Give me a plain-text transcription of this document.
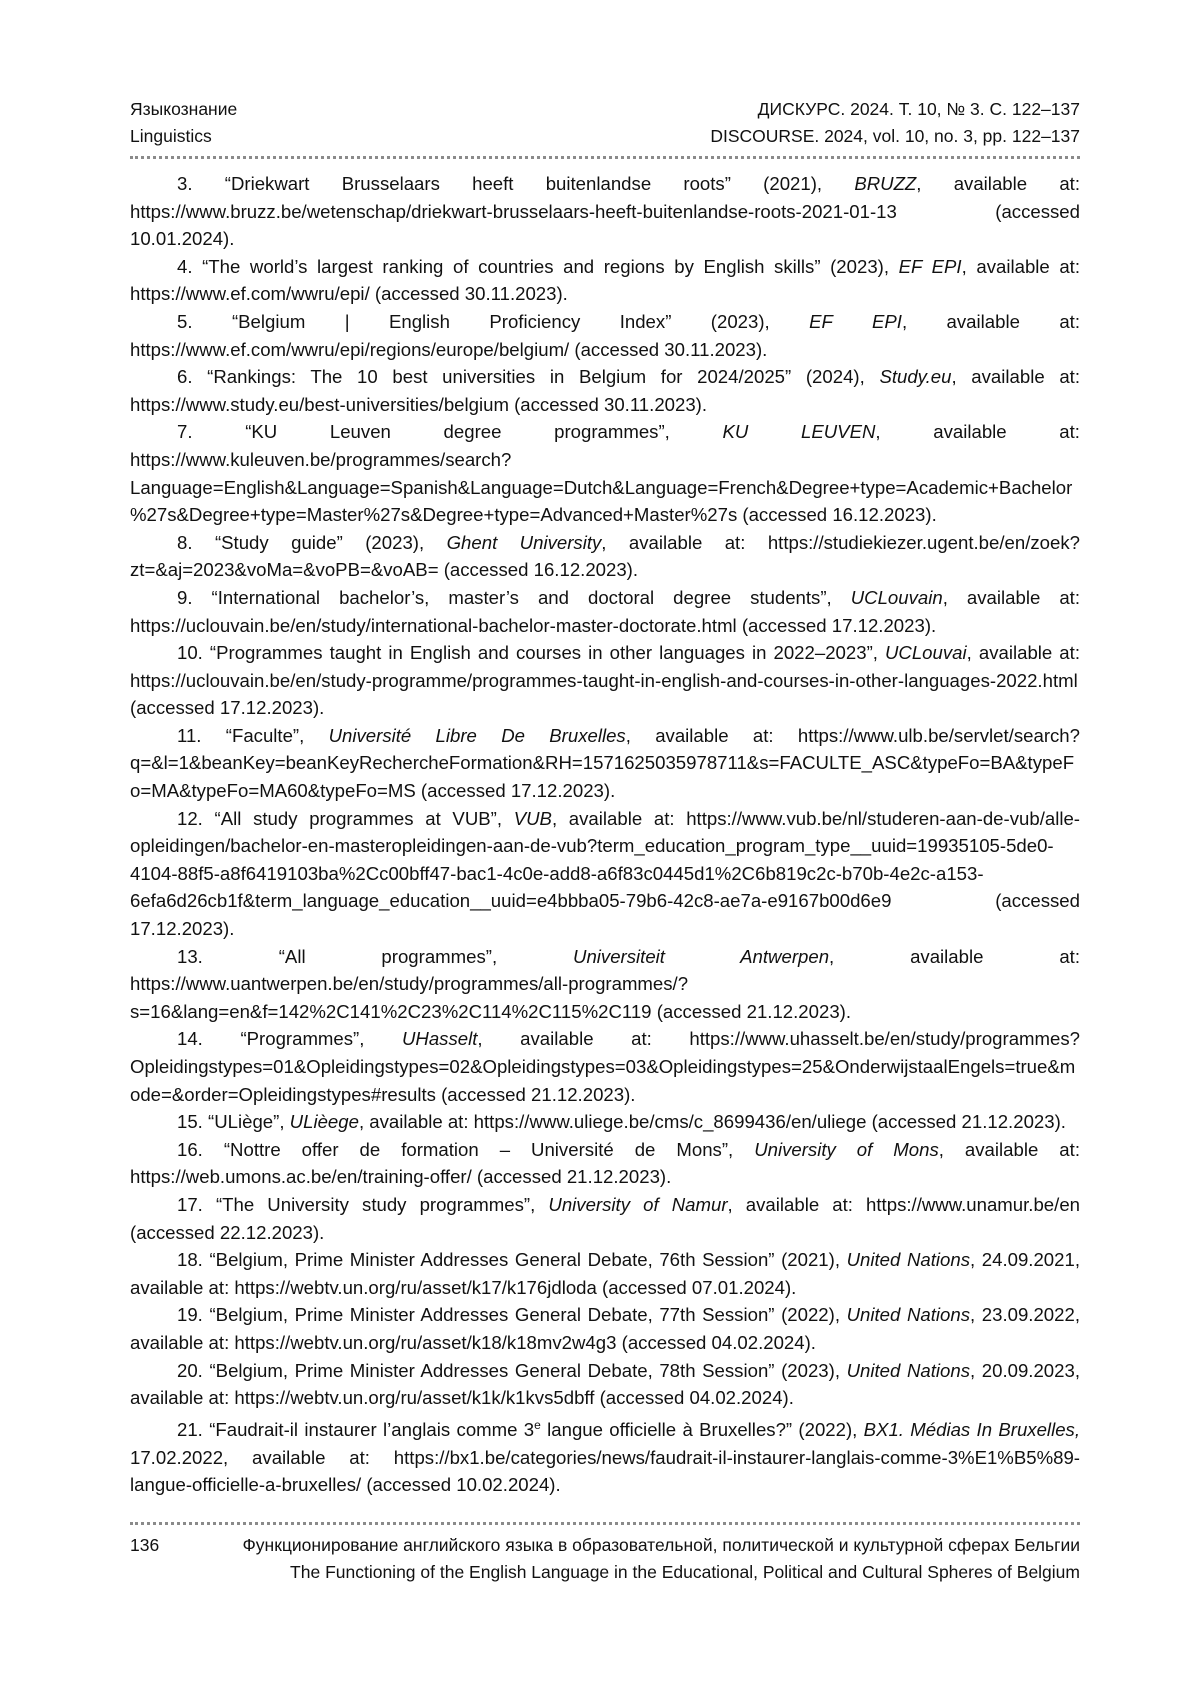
Языкознание	ДИСКУРС. 2024. Т. 10, № 3. С. 122–137
Linguistics	DISCOURSE. 2024, vol. 10, no. 3, pp. 122–137

3. “Driekwart Brusselaars heeft buitenlandse roots” (2021), BRUZZ, available at: https://www.bruzz.be/wetenschap/driekwart-brusselaars-heeft-buitenlandse-roots-2021-01-13 (accessed 10.01.2024).

4. “The world’s largest ranking of countries and regions by English skills” (2023), EF EPI, available at: https://www.ef.com/wwru/epi/ (accessed 30.11.2023).

5. “Belgium | English Proficiency Index” (2023), EF EPI, available at: https://www.ef.com/wwru/epi/regions/europe/belgium/ (accessed 30.11.2023).

6. “Rankings: The 10 best universities in Belgium for 2024/2025” (2024), Study.eu, available at: https://www.study.eu/best-universities/belgium (accessed 30.11.2023).

7.	“KU Leuven degree programmes”, KU LEUVEN, available at: https://www.kuleuven.be/programmes/search?Language=English&Language=Spanish&Language=Dutch&Language=French&Degree+type=Academic+Bachelor%27s&Degree+type=Master%27s&Degree+type=Advanced+Master%27s (accessed 16.12.2023).

8. “Study guide” (2023), Ghent University, available at: https://studiekiezer.ugent.be/en/zoek?zt=&aj=2023&voMa=&voPB=&voAB= (accessed 16.12.2023).

9. “International bachelor’s, master’s and doctoral degree students”, UCLouvain, available at: https://uclouvain.be/en/study/international-bachelor-master-doctorate.html (accessed 17.12.2023).

10. “Programmes taught in English and courses in other languages in 2022–2023”, UCLouvai, available at: https://uclouvain.be/en/study-programme/programmes-taught-in-english-and-courses-in-other-languages-2022.html (accessed 17.12.2023).

11. “Faculte”, Université Libre De Bruxelles, available at: https://www.ulb.be/servlet/search?q=&l=1&beanKey=beanKeyRechercheFormation&RH=1571625035978711&s=FACULTE_ASC&typeFo=BA&typeFo=MA&typeFo=MA60&typeFo=MS (accessed 17.12.2023).

12. “All study programmes at VUB”, VUB, available at: https://www.vub.be/nl/studeren-aan-de-vub/alle-opleidingen/bachelor-en-masteropleidingen-aan-de-vub?term_education_program_type__uuid=19935105-5de0-4104-88f5-a8f6419103ba%2Cc00bff47-bac1-4c0e-add8-a6f83c0445d1%2C6b819c2c-b70b-4e2c-a153-6efa6d26cb1f&term_language_education__uuid=e4bbba05-79b6-42c8-ae7a-e9167b00d6e9 (accessed 17.12.2023).

13.	“All programmes”, Universiteit Antwerpen, available at: https://www.uantwerpen.be/en/study/programmes/all-programmes/?s=16&lang=en&f=142%2C141%2C23%2C114%2C115%2C119 (accessed 21.12.2023).

14. “Programmes”, UHasselt, available at: https://www.uhasselt.be/en/study/programmes?Opleidingstypes=01&Opleidingstypes=02&Opleidingstypes=03&Opleidingstypes=25&OnderwijstaalEngels=true&mode=&order=Opleidingstypes#results (accessed 21.12.2023).

15. “ULiège”, ULièege, available at: https://www.uliege.be/cms/c_8699436/en/uliege (accessed 21.12.2023).

16. “Nottre offer de formation – Université de Mons”, University of Mons, available at: https://web.umons.ac.be/en/training-offer/ (accessed 21.12.2023).

17. “The University study programmes”, University of Namur, available at: https://www.unamur.be/en (accessed 22.12.2023).

18. “Belgium, Prime Minister Addresses General Debate, 76th Session” (2021), United Nations, 24.09.2021, available at: https://webtv.un.org/ru/asset/k17/k176jdloda (accessed 07.01.2024).

19. “Belgium, Prime Minister Addresses General Debate, 77th Session” (2022), United Nations, 23.09.2022, available at: https://webtv.un.org/ru/asset/k18/k18mv2w4g3 (accessed 04.02.2024).

20. “Belgium, Prime Minister Addresses General Debate, 78th Session” (2023), United Nations, 20.09.2023, available at: https://webtv.un.org/ru/asset/k1k/k1kvs5dbff (accessed 04.02.2024).

21. “Faudrait-il instaurer l’anglais comme 3e langue officielle à Bruxelles?” (2022), BX1. Médias In Bruxelles, 17.02.2022, available at: https://bx1.be/categories/news/faudrait-il-instaurer-langlais-comme-3%E1%B5%89-langue-officielle-a-bruxelles/ (accessed 10.02.2024).

136	Функционирование английского языка в образовательной, политической и культурной сферах Бельгии
The Functioning of the English Language in the Educational, Political and Cultural Spheres of Belgium
